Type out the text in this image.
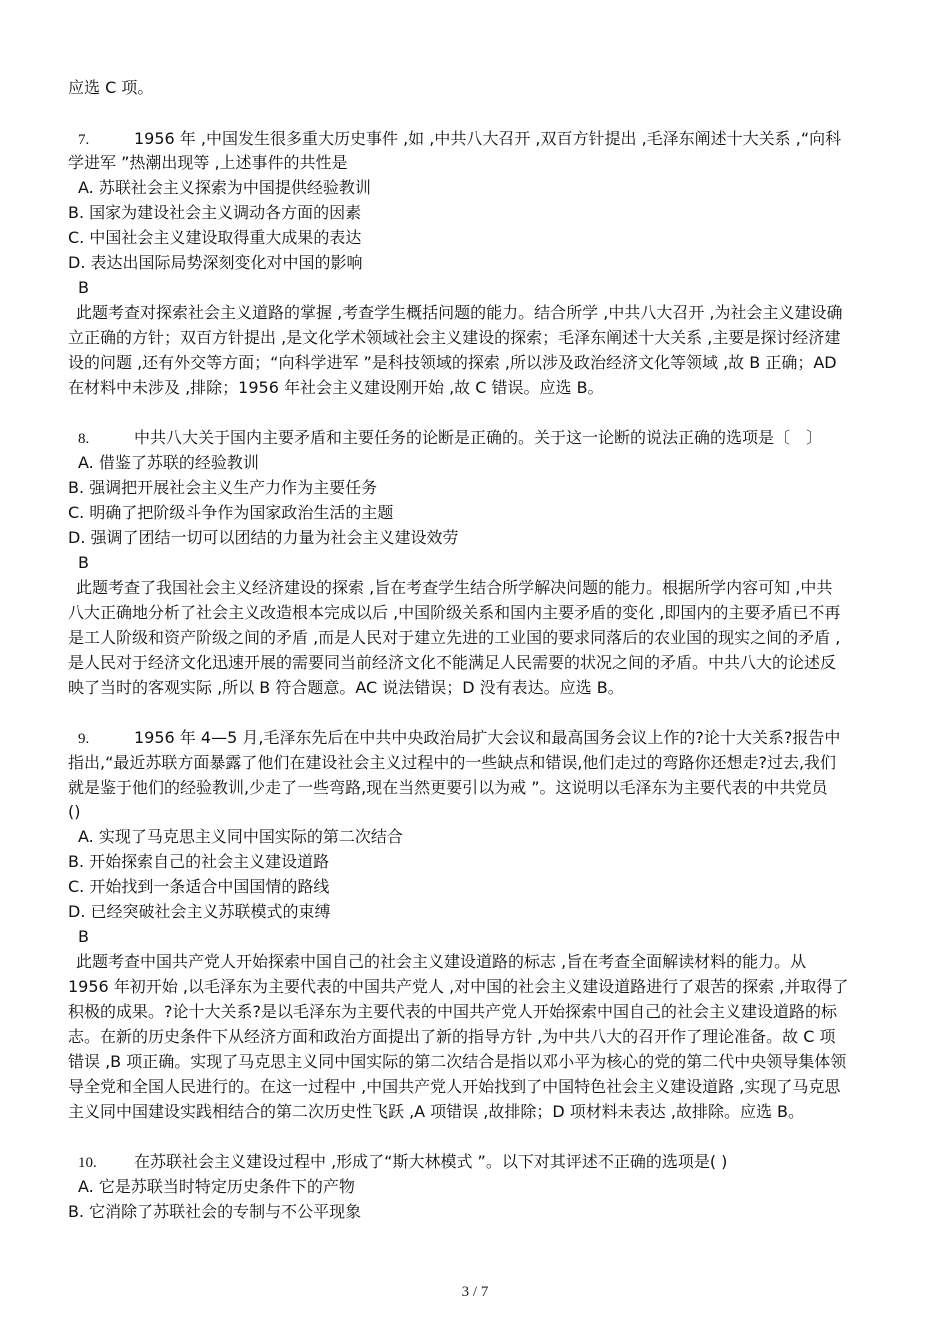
应选 C 项。
7.	1956 年 ,中国发生很多重大历史事件 ,如 ,中共八大召开 ,双百方针提出 ,毛泽东阐述十大关系 ,“向科
学进军 ”热潮出现等 ,上述事件的共性是
A. 苏联社会主义探索为中国提供经验教训
B. 国家为建设社会主义调动各方面的因素
C. 中国社会主义建设取得重大成果的表达
D. 表达出国际局势深刻变化对中国的影响
B
此题考查对探索社会主义道路的掌握 ,考查学生概括问题的能力。结合所学 ,中共八大召开 ,为社会主义建设确
立正确的方针；双百方针提出 ,是文化学术领域社会主义建设的探索；毛泽东阐述十大关系 ,主要是探讨经济建
设的问题 ,还有外交等方面；“向科学进军 ”是科技领域的探索 ,所以涉及政治经济文化等领域 ,故 B 正确；AD
在材料中未涉及 ,排除；1956 年社会主义建设刚开始 ,故 C 错误。应选 B。
8.	中共八大关于国内主要矛盾和主要任务的论断是正确的。关于这一论断的说法正确的选项是〔　〕
A. 借鉴了苏联的经验教训
B. 强调把开展社会主义生产力作为主要任务
C. 明确了把阶级斗争作为国家政治生活的主题
D. 强调了团结一切可以团结的力量为社会主义建设效劳
B
此题考查了我国社会主义经济建设的探索 ,旨在考查学生结合所学解决问题的能力。根据所学内容可知 ,中共
八大正确地分析了社会主义改造根本完成以后 ,中国阶级关系和国内主要矛盾的变化 ,即国内的主要矛盾已不再
是工人阶级和资产阶级之间的矛盾 ,而是人民对于建立先进的工业国的要求同落后的农业国的现实之间的矛盾 ,
是人民对于经济文化迅速开展的需要同当前经济文化不能满足人民需要的状况之间的矛盾。中共八大的论述反
映了当时的客观实际 ,所以 B 符合题意。AC 说法错误；D 没有表达。应选 B。
9.	1956 年 4—5 月,毛泽东先后在中共中央政治局扩大会议和最高国务会议上作的?论十大关系?报告中
指出,“最近苏联方面暴露了他们在建设社会主义过程中的一些缺点和错误,他们走过的弯路你还想走?过去,我们
就是鉴于他们的经验教训,少走了一些弯路,现在当然更要引以为戒 ”。这说明以毛泽东为主要代表的中共党员
()
A. 实现了马克思主义同中国实际的第二次结合
B. 开始探索自己的社会主义建设道路
C. 开始找到一条适合中国国情的路线
D. 已经突破社会主义苏联模式的束缚
B
此题考查中国共产党人开始探索中国自己的社会主义建设道路的标志 ,旨在考查全面解读材料的能力。从
1956 年初开始 ,以毛泽东为主要代表的中国共产党人 ,对中国的社会主义建设道路进行了艰苦的探索 ,并取得了
积极的成果。?论十大关系?是以毛泽东为主要代表的中国共产党人开始探索中国自己的社会主义建设道路的标
志。在新的历史条件下从经济方面和政治方面提出了新的指导方针 ,为中共八大的召开作了理论准备。故 C 项
错误 ,B 项正确。实现了马克思主义同中国实际的第二次结合是指以邓小平为核心的党的第二代中央领导集体领
导全党和全国人民进行的。在这一过程中 ,中国共产党人开始找到了中国特色社会主义建设道路 ,实现了马克思
主义同中国建设实践相结合的第二次历史性飞跃 ,A 项错误 ,故排除；D 项材料未表达 ,故排除。应选 B。
10. 在苏联社会主义建设过程中 ,形成了“斯大林模式 ”。以下对其评述不正确的选项是( )
A. 它是苏联当时特定历史条件下的产物
B. 它消除了苏联社会的专制与不公平现象
3 / 7
